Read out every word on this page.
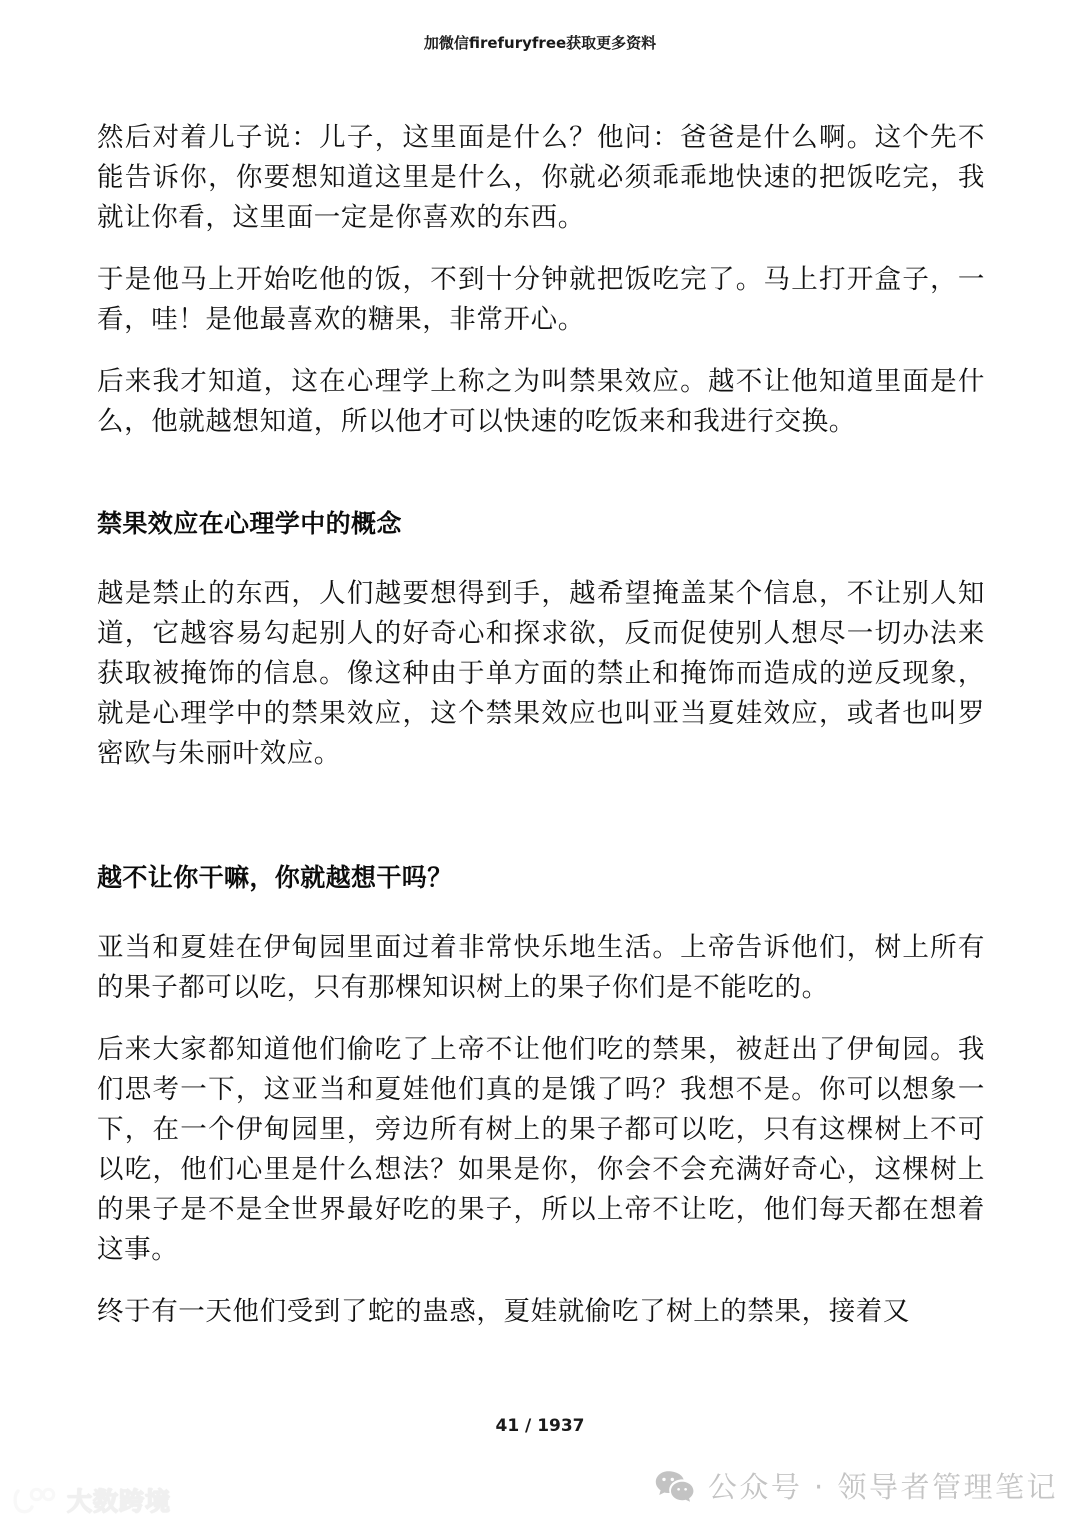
加微信firefuryfree获取更多资料

然后对着儿子说：儿子，这里面是什么？他问：爸爸是什么啊。这个先不能告诉你，你要想知道这里是什么，你就必须乖乖地快速的把饭吃完，我就让你看，这里面一定是你喜欢的东西。

于是他马上开始吃他的饭，不到十分钟就把饭吃完了。马上打开盒子，一看，哇！是他最喜欢的糖果，非常开心。

后来我才知道，这在心理学上称之为叫禁果效应。越不让他知道里面是什么，他就越想知道，所以他才可以快速的吃饭来和我进行交换。

禁果效应在心理学中的概念

越是禁止的东西，人们越要想得到手，越希望掩盖某个信息，不让别人知道，它越容易勾起别人的好奇心和探求欲，反而促使别人想尽一切办法来获取被掩饰的信息。像这种由于单方面的禁止和掩饰而造成的逆反现象，就是心理学中的禁果效应，这个禁果效应也叫亚当夏娃效应，或者也叫罗密欧与朱丽叶效应。

越不让你干嘛，你就越想干吗？

亚当和夏娃在伊甸园里面过着非常快乐地生活。上帝告诉他们，树上所有的果子都可以吃，只有那棵知识树上的果子你们是不能吃的。

后来大家都知道他们偷吃了上帝不让他们吃的禁果，被赶出了伊甸园。我们思考一下，这亚当和夏娃他们真的是饿了吗？我想不是。你可以想象一下，在一个伊甸园里，旁边所有树上的果子都可以吃，只有这棵树上不可以吃，他们心里是什么想法？如果是你，你会不会充满好奇心，这棵树上的果子是不是全世界最好吃的果子，所以上帝不让吃，他们每天都在想着这事。

终于有一天他们受到了蛇的蛊惑，夏娃就偷吃了树上的禁果，接着又

41 / 1937
公众号 · 领导者管理笔记
大数跨境
